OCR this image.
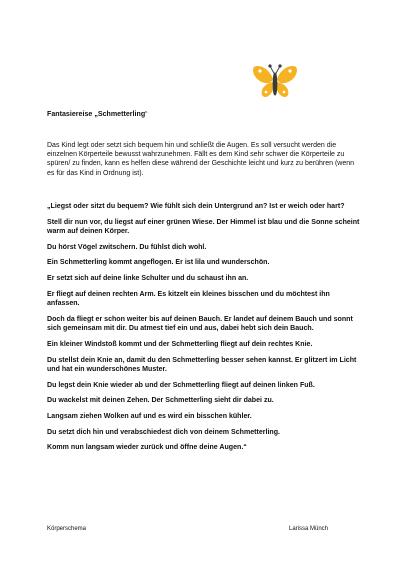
Fantasiereise „Schmetterling“
Das Kind legt oder setzt sich bequem hin und schließt die Augen. Es soll versucht werden die einzelnen Körperteile bewusst wahrzunehmen. Fällt es dem Kind sehr schwer die Körperteile zu spüren/ zu finden, kann es helfen diese während der Geschichte leicht und kurz zu berühren (wenn es für das Kind in Ordnung ist).

„Liegst oder sitzt du bequem? Wie fühlt sich dein Untergrund an? Ist er weich oder hart?

Stell dir nun vor, du liegst auf einer grünen Wiese. Der Himmel ist blau und die Sonne scheint warm auf deinen Körper.

Du hörst Vögel zwitschern. Du fühlst dich wohl.

Ein Schmetterling kommt angeflogen. Er ist lila und wunderschön.

Er setzt sich auf deine linke Schulter und du schaust ihn an.

Er fliegt auf deinen rechten Arm. Es kitzelt ein kleines bisschen und du möchtest ihn anfassen.

Doch da fliegt er schon weiter bis auf deinen Bauch. Er landet auf deinem Bauch und sonnt sich gemeinsam mit dir. Du atmest tief ein und aus, dabei hebt sich dein Bauch.

Ein kleiner Windstoß kommt und der Schmetterling fliegt auf dein rechtes Knie.

Du stellst dein Knie an, damit du den Schmetterling besser sehen kannst. Er glitzert im Licht und hat ein wunderschönes Muster.

Du legst dein Knie wieder ab und der Schmetterling fliegt auf deinen linken Fuß.

Du wackelst mit deinen Zehen. Der Schmetterling sieht dir dabei zu.

Langsam ziehen Wolken auf und es wird ein bisschen kühler.

Du setzt dich hin und verabschiedest dich von deinem Schmetterling.

Komm nun langsam wieder zurück und öffne deine Augen.“

Körperschema	Larissa Münch
